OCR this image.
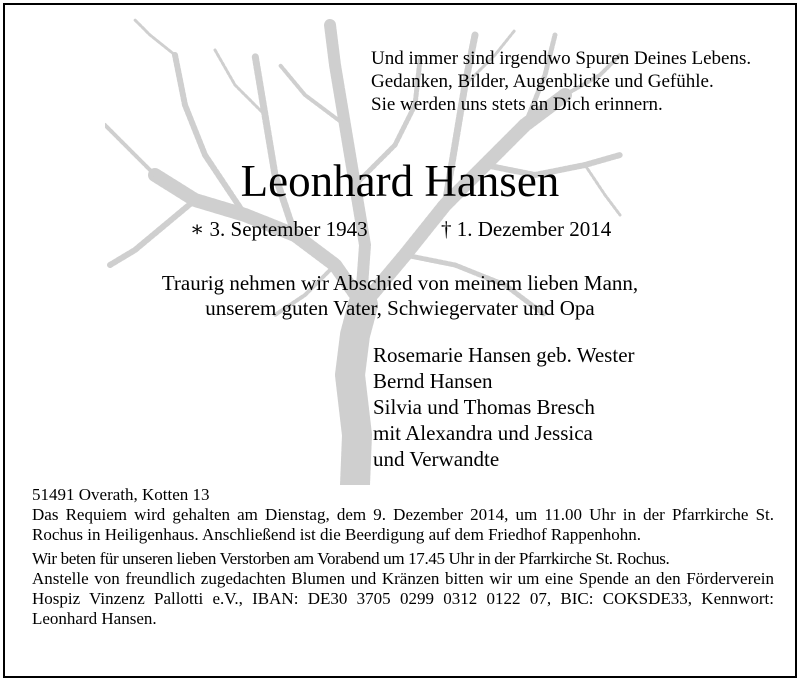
Und immer sind irgendwo Spuren Deines Lebens.
Gedanken, Bilder, Augenblicke und Gefühle.
Sie werden uns stets an Dich erinnern.
Leonhard Hansen
∗ 3. September 1943	† 1. Dezember 2014
Traurig nehmen wir Abschied von meinem lieben Mann,
unserem guten Vater, Schwiegervater und Opa
Rosemarie Hansen geb. Wester
Bernd Hansen
Silvia und Thomas Bresch
mit Alexandra und Jessica
und Verwandte

51491 Overath, Kotten 13

Das Requiem wird gehalten am Dienstag, dem 9. Dezember 2014, um 11.00 Uhr in der Pfarrkirche St. Rochus in Heiligenhaus. Anschließend ist die Beerdigung auf dem Friedhof Rappenhohn.

Wir beten für unseren lieben Verstorben am Vorabend um 17.45 Uhr in der Pfarrkirche St. Rochus.

Anstelle von freundlich zugedachten Blumen und Kränzen bitten wir um eine Spende an den Förderverein Hospiz Vinzenz Pallotti e.V., IBAN: DE30 3705 0299 0312 0122 07, BIC: COKSDE33, Kennwort: Leonhard Hansen.
